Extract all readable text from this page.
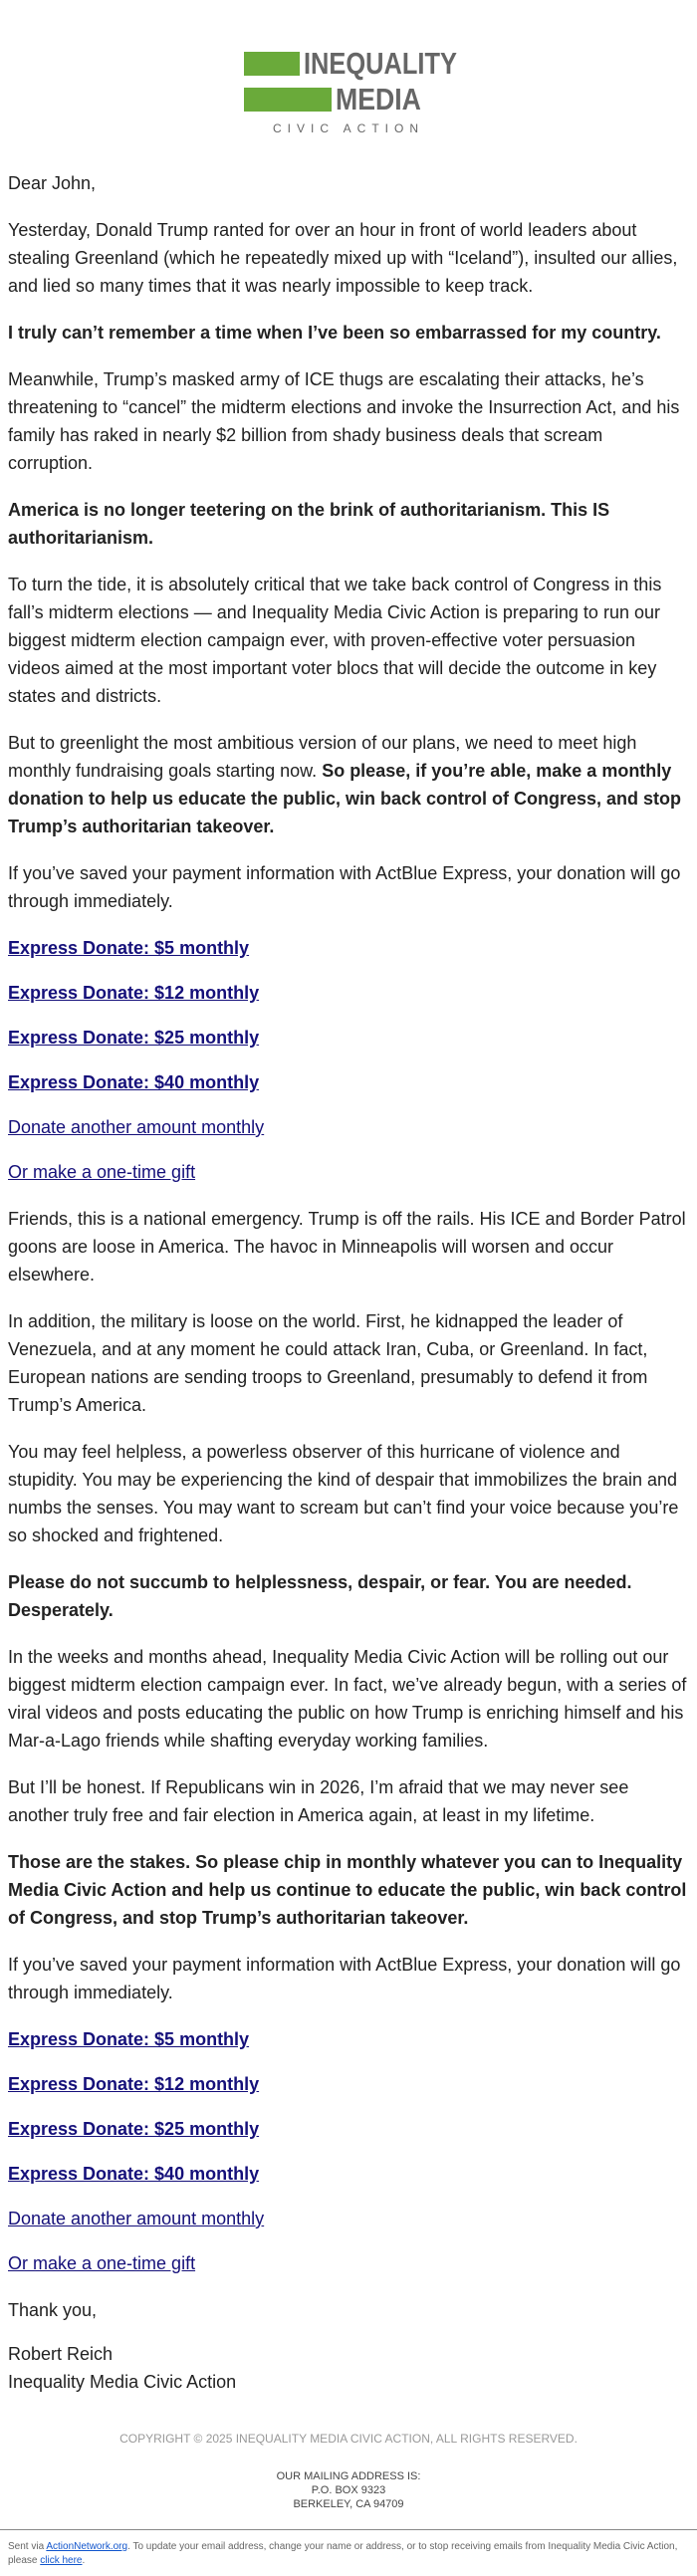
INEQUALITY
MEDIA
CIVIC ACTION

Dear John,

Yesterday, Donald Trump ranted for over an hour in front of world leaders about stealing Greenland (which he repeatedly mixed up with “Iceland”), insulted our allies, and lied so many times that it was nearly impossible to keep track.

I truly can’t remember a time when I’ve been so embarrassed for my country.

Meanwhile, Trump’s masked army of ICE thugs are escalating their attacks, he’s threatening to “cancel” the midterm elections and invoke the Insurrection Act, and his family has raked in nearly $2 billion from shady business deals that scream corruption.

America is no longer teetering on the brink of authoritarianism. This IS authoritarianism.

To turn the tide, it is absolutely critical that we take back control of Congress in this fall’s midterm elections — and Inequality Media Civic Action is preparing to run our biggest midterm election campaign ever, with proven-effective voter persuasion videos aimed at the most important voter blocs that will decide the outcome in key states and districts.

But to greenlight the most ambitious version of our plans, we need to meet high monthly fundraising goals starting now. So please, if you’re able, make a monthly donation to help us educate the public, win back control of Congress, and stop Trump’s authoritarian takeover.

If you’ve saved your payment information with ActBlue Express, your donation will go through immediately.

Express Donate: $5 monthly
Express Donate: $12 monthly
Express Donate: $25 monthly
Express Donate: $40 monthly
Donate another amount monthly
Or make a one-time gift

Friends, this is a national emergency. Trump is off the rails. His ICE and Border Patrol goons are loose in America. The havoc in Minneapolis will worsen and occur elsewhere.

In addition, the military is loose on the world. First, he kidnapped the leader of Venezuela, and at any moment he could attack Iran, Cuba, or Greenland. In fact, European nations are sending troops to Greenland, presumably to defend it from Trump’s America.

You may feel helpless, a powerless observer of this hurricane of violence and stupidity. You may be experiencing the kind of despair that immobilizes the brain and numbs the senses. You may want to scream but can’t find your voice because you’re so shocked and frightened.

Please do not succumb to helplessness, despair, or fear. You are needed. Desperately.

In the weeks and months ahead, Inequality Media Civic Action will be rolling out our biggest midterm election campaign ever. In fact, we’ve already begun, with a series of viral videos and posts educating the public on how Trump is enriching himself and his Mar-a-Lago friends while shafting everyday working families.

But I’ll be honest. If Republicans win in 2026, I’m afraid that we may never see another truly free and fair election in America again, at least in my lifetime.

Those are the stakes. So please chip in monthly whatever you can to Inequality Media Civic Action and help us continue to educate the public, win back control of Congress, and stop Trump’s authoritarian takeover.

If you’ve saved your payment information with ActBlue Express, your donation will go through immediately.

Express Donate: $5 monthly
Express Donate: $12 monthly
Express Donate: $25 monthly
Express Donate: $40 monthly
Donate another amount monthly
Or make a one-time gift

Thank you,

Robert Reich

Inequality Media Civic Action

COPYRIGHT © 2025 INEQUALITY MEDIA CIVIC ACTION, ALL RIGHTS RESERVED.
OUR MAILING ADDRESS IS:
P.O. BOX 9323
BERKELEY, CA 94709
Sent via ActionNetwork.org. To update your email address, change your name or address, or to stop receiving emails from Inequality Media Civic Action, please click here.
